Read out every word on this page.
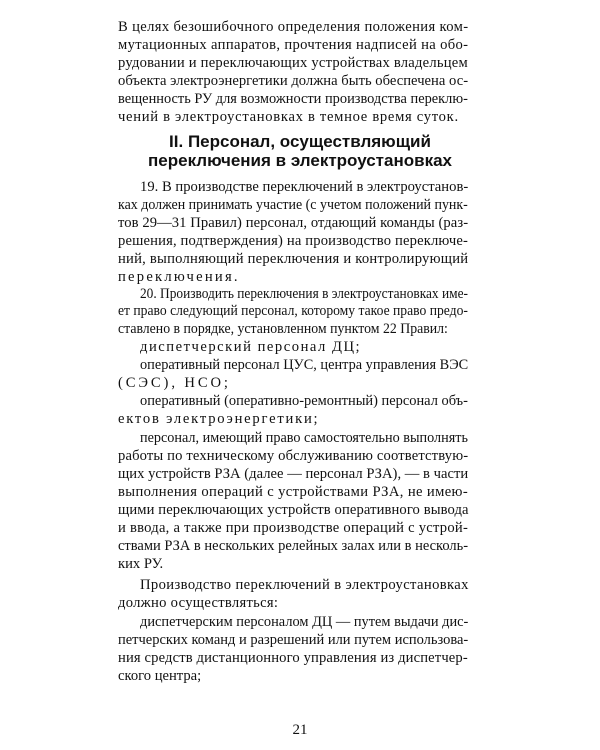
В целях безошибочного определения положения ком-
мутационных аппаратов, прочтения надписей на обо-
рудовании и переключающих устройствах владельцем
объекта электроэнергетики должна быть обеспечена ос-
вещенность РУ для возможности производства переклю-
чений в электроустановках в темное время суток.
II. Персонал, осуществляющий
переключения в электроустановках
19. В производстве переключений в электроустанов-
ках должен принимать участие (с учетом положений пунк-
тов 29—31 Правил) персонал, отдающий команды (раз-
решения, подтверждения) на производство переключе-
ний, выполняющий переключения и контролирующий
переключения.
20. Производить переключения в электроустановках име-
ет право следующий персонал, которому такое право предо-
ставлено в порядке, установленном пунктом 22 Правил:
диспетчерский персонал ДЦ;
оперативный персонал ЦУС, центра управления ВЭС
(СЭС), НСО;
оперативный (оперативно-ремонтный) персонал объ-
ектов электроэнергетики;
персонал, имеющий право самостоятельно выполнять
работы по техническому обслуживанию соответствую-
щих устройств РЗА (далее — персонал РЗА), — в части
выполнения операций с устройствами РЗА, не имею-
щими переключающих устройств оперативного вывода
и ввода, а также при производстве операций с устрой-
ствами РЗА в нескольких релейных залах или в несколь-
ких РУ.
Производство переключений в электроустановках
должно осуществляться:
диспетчерским персоналом ДЦ — путем выдачи дис-
петчерских команд и разрешений или путем использова-
ния средств дистанционного управления из диспетчер-
ского центра;
21
